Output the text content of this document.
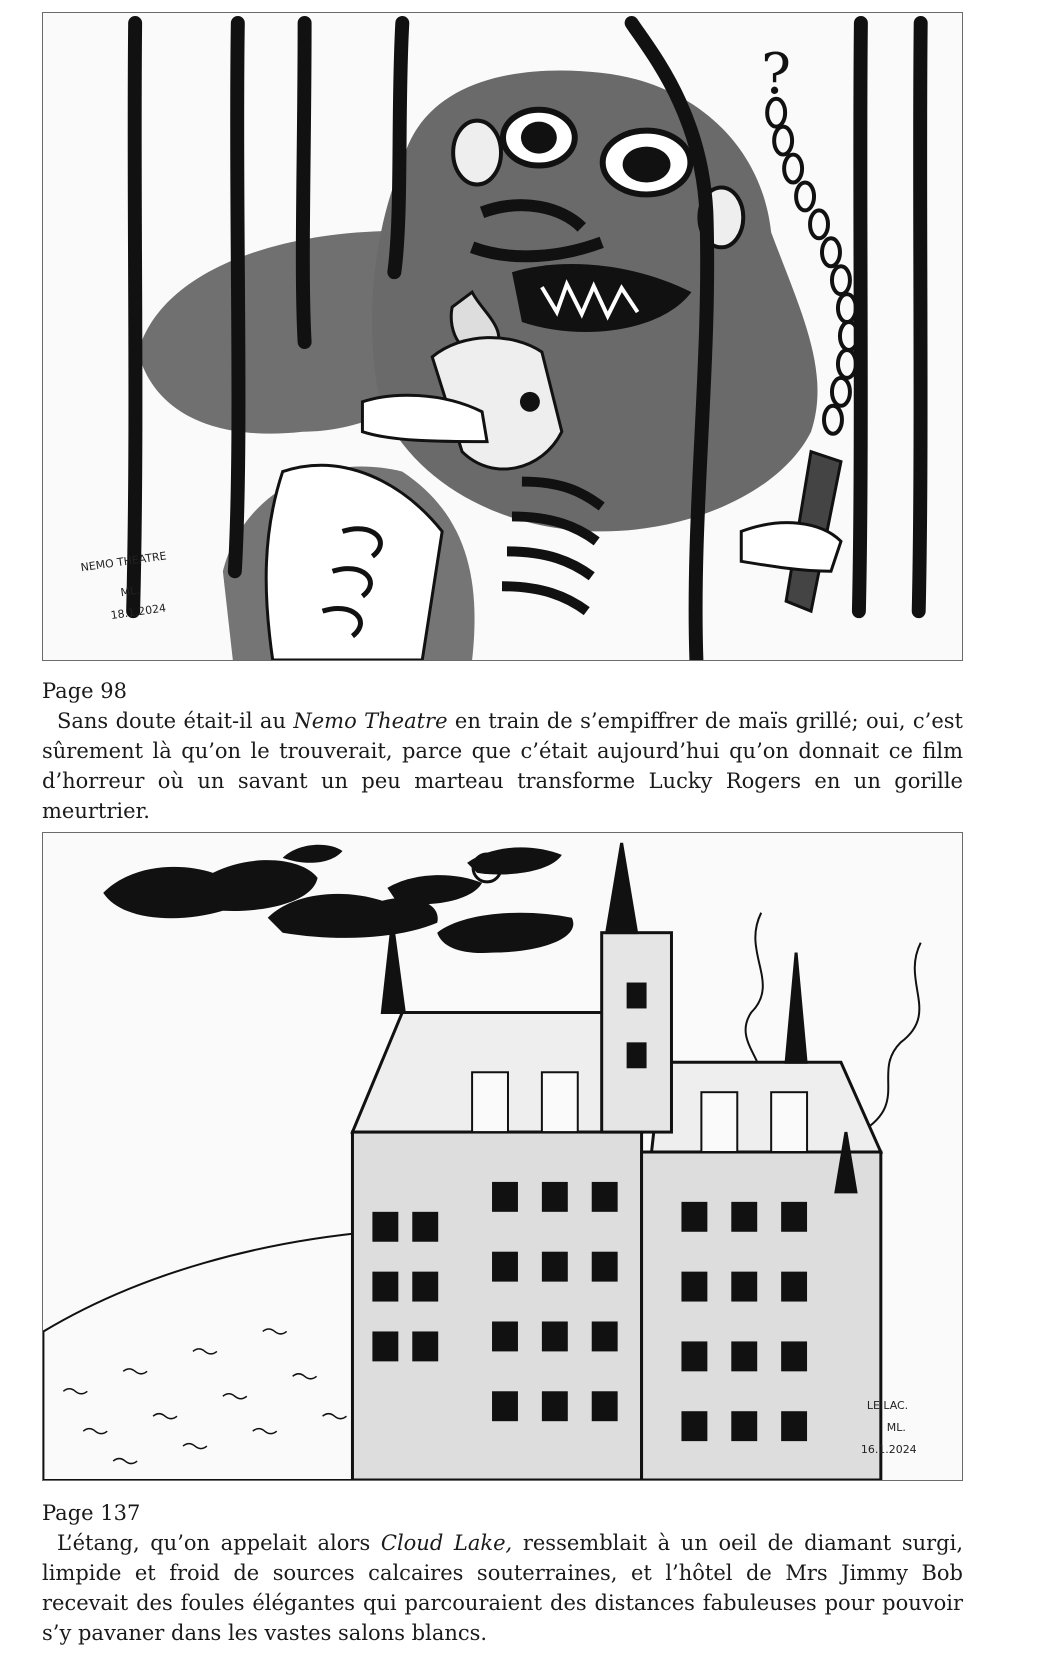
?
NEMO THEATRE
ML.
18.1.2024
Page 98
Sans doute était-il au Nemo Theatre en train de s’empiffrer de maïs grillé; oui, c’est sûrement là qu’on le trouverait, parce que c’était aujourd’hui qu’on donnait ce film d’horreur où un savant un peu marteau transforme Lucky Rogers en un gorille meurtrier.
LE LAC.
ML.
16.1.2024
Page 137
L’étang, qu’on appelait alors Cloud Lake, ressemblait à un oeil de diamant surgi, limpide et froid de sources calcaires souterraines, et l’hôtel de Mrs Jimmy Bob recevait des foules élégantes qui parcouraient des distances fabuleuses pour pouvoir s’y pavaner dans les vastes salons blancs.
